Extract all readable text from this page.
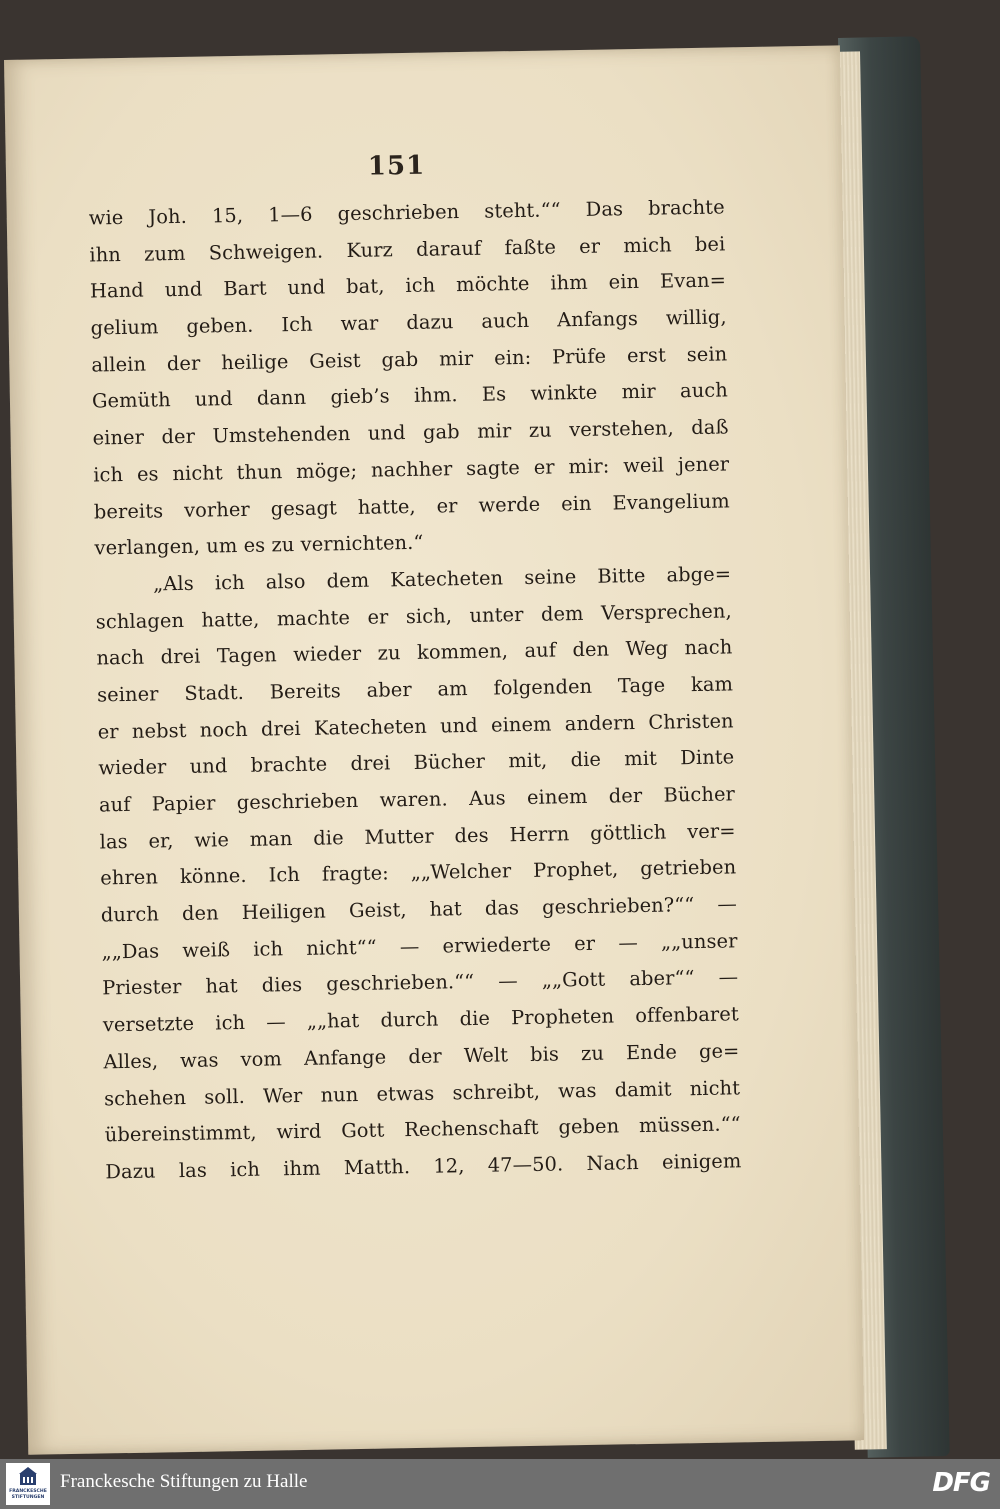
151
wie Joh. 15, 1—6 geschrieben steht.““ Das brachte
ihn zum Schweigen. Kurz darauf faßte er mich bei
Hand und Bart und bat, ich möchte ihm ein Evan=
gelium geben. Ich war dazu auch Anfangs willig,
allein der heilige Geist gab mir ein: Prüfe erst sein
Gemüth und dann gieb’s ihm. Es winkte mir auch
einer der Umstehenden und gab mir zu verstehen, daß
ich es nicht thun möge; nachher sagte er mir: weil jener
bereits vorher gesagt hatte, er werde ein Evangelium
verlangen, um es zu vernichten.“
„Als ich also dem Katecheten seine Bitte abge=
schlagen hatte, machte er sich, unter dem Versprechen,
nach drei Tagen wieder zu kommen, auf den Weg nach
seiner Stadt. Bereits aber am folgenden Tage kam
er nebst noch drei Katecheten und einem andern Christen
wieder und brachte drei Bücher mit, die mit Dinte
auf Papier geschrieben waren. Aus einem der Bücher
las er, wie man die Mutter des Herrn göttlich ver=
ehren könne. Ich fragte: „„Welcher Prophet, getrieben
durch den Heiligen Geist, hat das geschrieben?““ —
„„Das weiß ich nicht““ — erwiederte er — „„unser
Priester hat dies geschrieben.““ — „„Gott aber““ —
versetzte ich — „„hat durch die Propheten offenbaret
Alles, was vom Anfange der Welt bis zu Ende ge=
schehen soll. Wer nun etwas schreibt, was damit nicht
übereinstimmt, wird Gott Rechenschaft geben müssen.““
Dazu las ich ihm Matth. 12, 47—50. Nach einigem
FRANCKESCHE
STIFTUNGEN
Franckesche Stiftungen zu Halle	DFG
